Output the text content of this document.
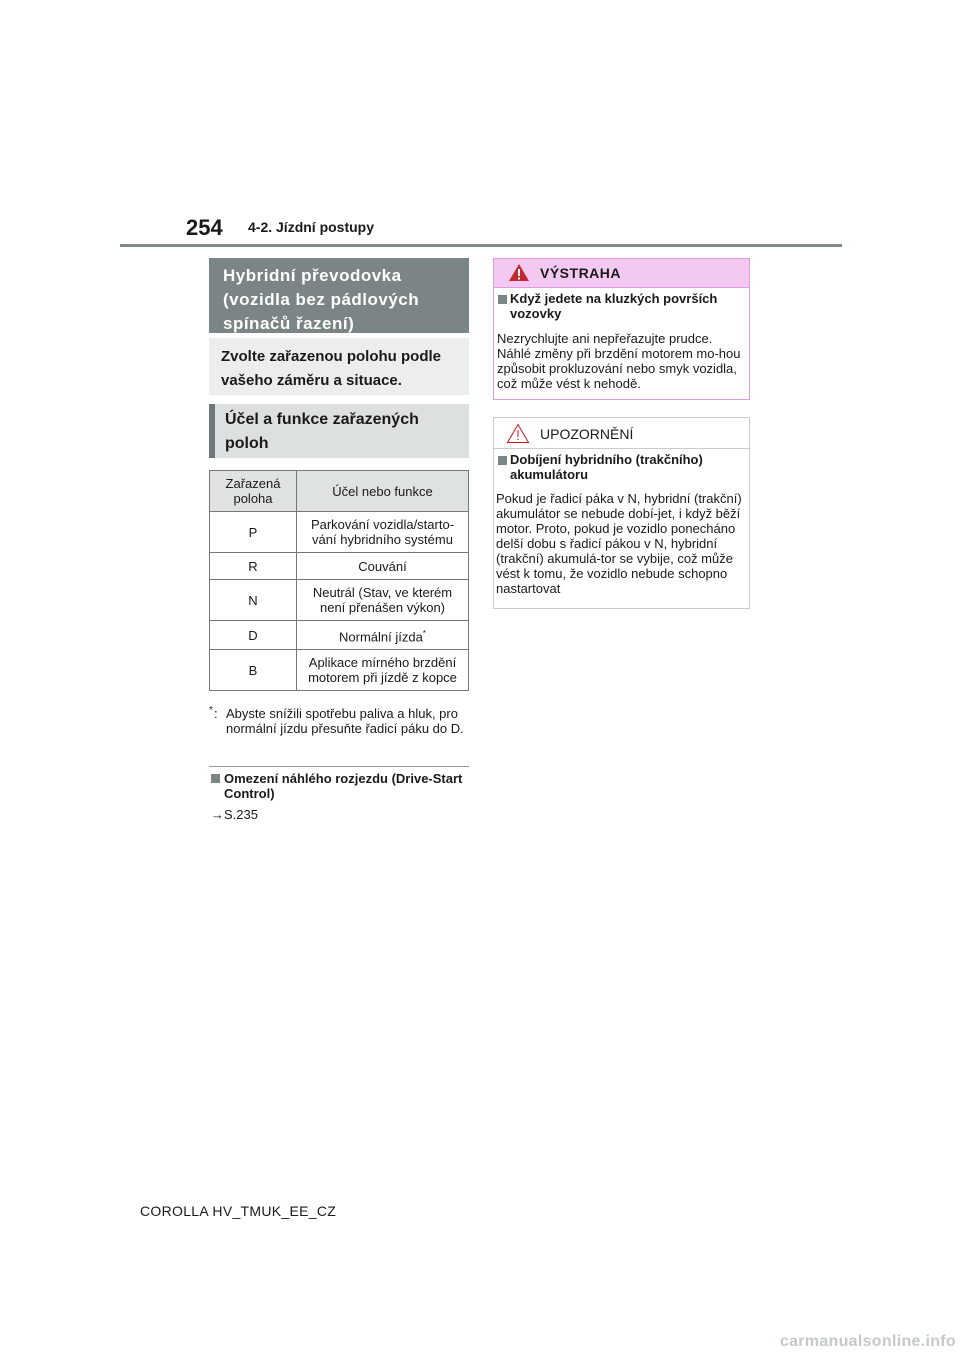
254 4-2. Jízdní postupy
Hybridní převodovka (vozidla bez pádlových spínačů řazení)
Zvolte zařazenou polohu podle vašeho záměru a situace.
Účel a funkce zařazených poloh
Zařazená poloha	Účel nebo funkce
P	Parkování vozidla/starto-vání hybridního systému
R	Couvání
N	Neutrál (Stav, ve kterém není přenášen výkon)
D	Normální jízda*
B	Aplikace mírného brzdění motorem při jízdě z kopce
* : Abyste snížili spotřebu paliva a hluk, pro normální jízdu přesuňte řadicí páku do D.
Omezení náhlého rozjezdu (Drive-Start Control)
→S.235
VÝSTRAHA
Když jedete na kluzkých površích vozovky
Nezrychlujte ani nepřeřazujte prudce. Náhlé změny při brzdění motorem mo-hou způsobit prokluzování nebo smyk vozidla, což může vést k nehodě.
UPOZORNĚNÍ
Dobíjení hybridního (trakčního) akumulátoru
Pokud je řadicí páka v N, hybridní (trakční) akumulátor se nebude dobí-jet, i když běží motor. Proto, pokud je vozidlo ponecháno delší dobu s řadicí pákou v N, hybridní (trakční) akumulá-tor se vybije, což může vést k tomu, že vozidlo nebude schopno nastartovat
COROLLA HV_TMUK_EE_CZ
carmanualsonline.info
